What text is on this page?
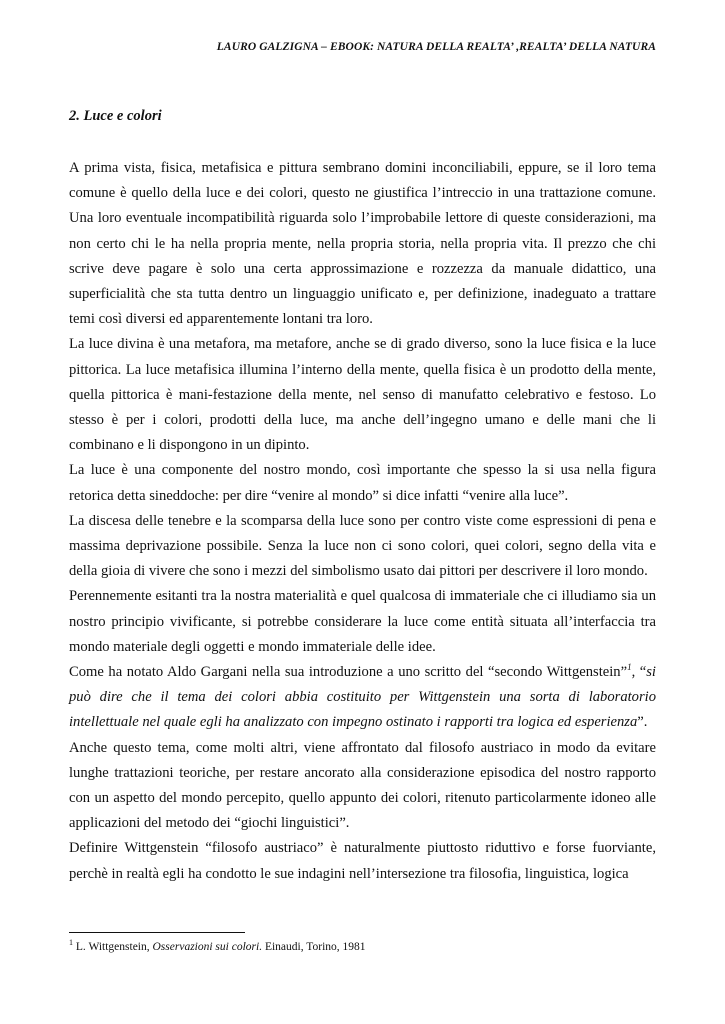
LAURO GALZIGNA – EBOOK: NATURA DELLA REALTA’ ,REALTA’ DELLA NATURA
2. Luce e colori

A prima vista, fisica, metafisica e pittura sembrano domini inconciliabili, eppure, se il loro tema comune è quello della luce e dei colori, questo ne giustifica l’intreccio in una trattazione comune. Una loro eventuale incompatibilità riguarda solo l’improbabile lettore di queste considerazioni, ma non certo chi le ha nella propria mente, nella propria storia, nella propria vita. Il prezzo che chi scrive deve pagare è solo una certa approssimazione e rozzezza da manuale didattico, una superficialità che sta tutta dentro un linguaggio unificato e, per definizione, inadeguato a trattare temi così diversi ed apparentemente lontani tra loro.

La luce divina è una metafora, ma metafore, anche se di grado diverso, sono la luce fisica e la luce pittorica. La luce metafisica illumina l’interno della mente, quella fisica è un prodotto della mente, quella pittorica è mani-festazione della mente, nel senso di manufatto celebrativo e festoso. Lo stesso è per i colori, prodotti della luce, ma anche dell’ingegno umano e delle mani che li combinano e li dispongono in un dipinto.

La luce è una componente del nostro mondo, così importante che spesso la si usa nella figura retorica detta sineddoche: per dire “venire al mondo” si dice infatti “venire alla luce”.

La discesa delle tenebre e la scomparsa della luce sono per contro viste come espressioni di pena e massima deprivazione possibile. Senza la luce non ci sono colori, quei colori, segno della vita e della gioia di vivere che sono i mezzi del simbolismo usato dai pittori per descrivere il loro mondo.

Perennemente esitanti tra la nostra materialità e quel qualcosa di immateriale che ci illudiamo sia un nostro principio vivificante, si potrebbe considerare la luce come entità situata all’interfaccia tra mondo materiale degli oggetti e mondo immateriale delle idee.

Come ha notato Aldo Gargani nella sua introduzione a uno scritto del “secondo Wittgenstein”$^1$, “si può dire che il tema dei colori abbia costituito per Wittgenstein una sorta di laboratorio intellettuale nel quale egli ha analizzato con impegno ostinato i rapporti tra logica ed esperienza”.

Anche questo tema, come molti altri, viene affrontato dal filosofo austriaco in modo da evitare lunghe trattazioni teoriche, per restare ancorato alla considerazione episodica del nostro rapporto con un aspetto del mondo percepito, quello appunto dei colori, ritenuto particolarmente idoneo alle applicazioni del metodo dei “giochi linguistici”.

Definire Wittgenstein “filosofo austriaco” è naturalmente piuttosto riduttivo e forse fuorviante, perchè in realtà egli ha condotto le sue indagini nell’intersezione tra filosofia, linguistica, logica

$^1$ L. Wittgenstein, Osservazioni sui colori. Einaudi, Torino, 1981
